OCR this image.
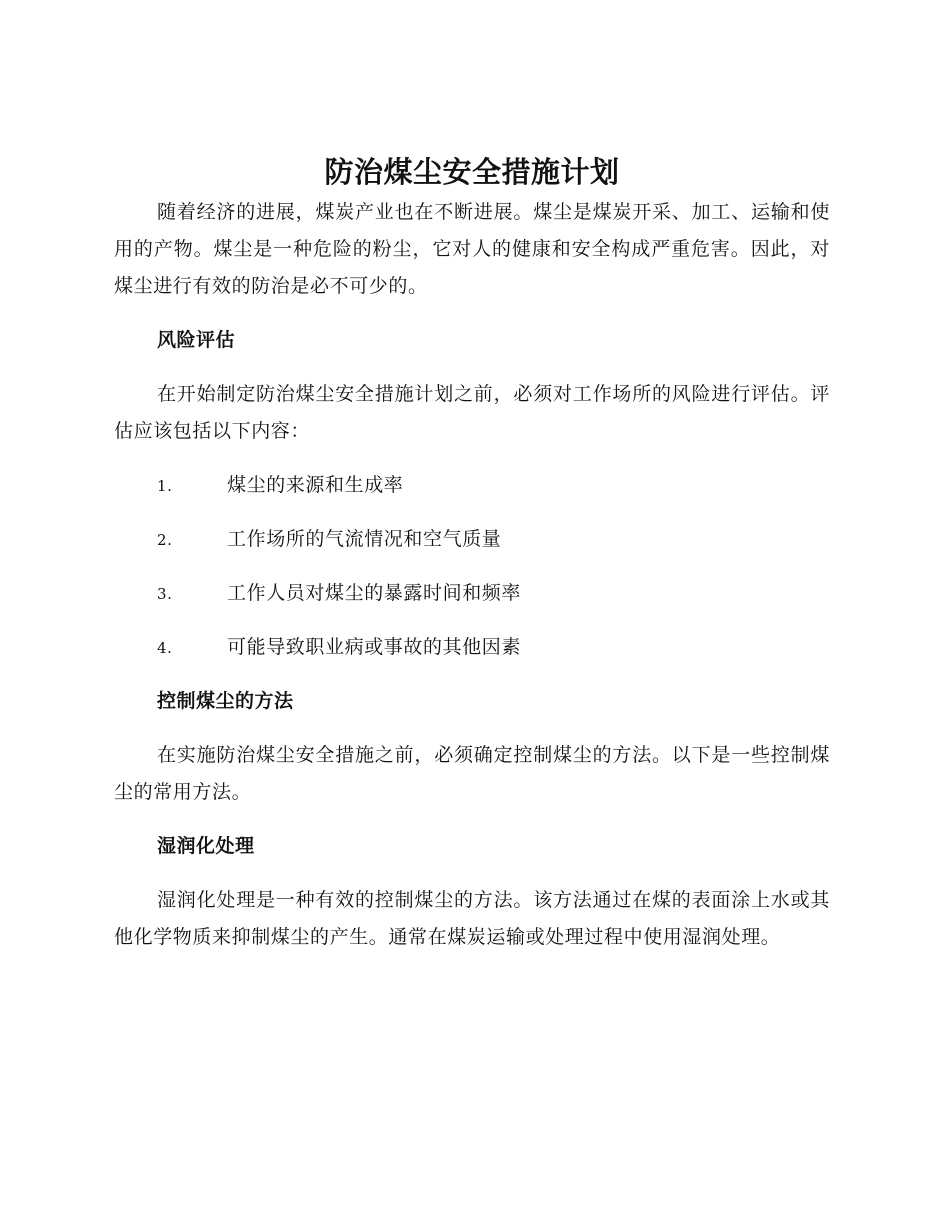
防治煤尘安全措施计划

随着经济的进展，煤炭产业也在不断进展。煤尘是煤炭开采、加工、运输和使用的产物。煤尘是一种危险的粉尘，它对人的健康和安全构成严重危害。因此，对煤尘进行有效的防治是必不可少的。

风险评估

在开始制定防治煤尘安全措施计划之前，必须对工作场所的风险进行评估。评估应该包括以下内容：

1.	煤尘的来源和生成率
2.	工作场所的气流情况和空气质量
3.	工作人员对煤尘的暴露时间和频率
4.	可能导致职业病或事故的其他因素
控制煤尘的方法

在实施防治煤尘安全措施之前，必须确定控制煤尘的方法。以下是一些控制煤尘的常用方法。

湿润化处理

湿润化处理是一种有效的控制煤尘的方法。该方法通过在煤的表面涂上水或其他化学物质来抑制煤尘的产生。通常在煤炭运输或处理过程中使用湿润处理。
